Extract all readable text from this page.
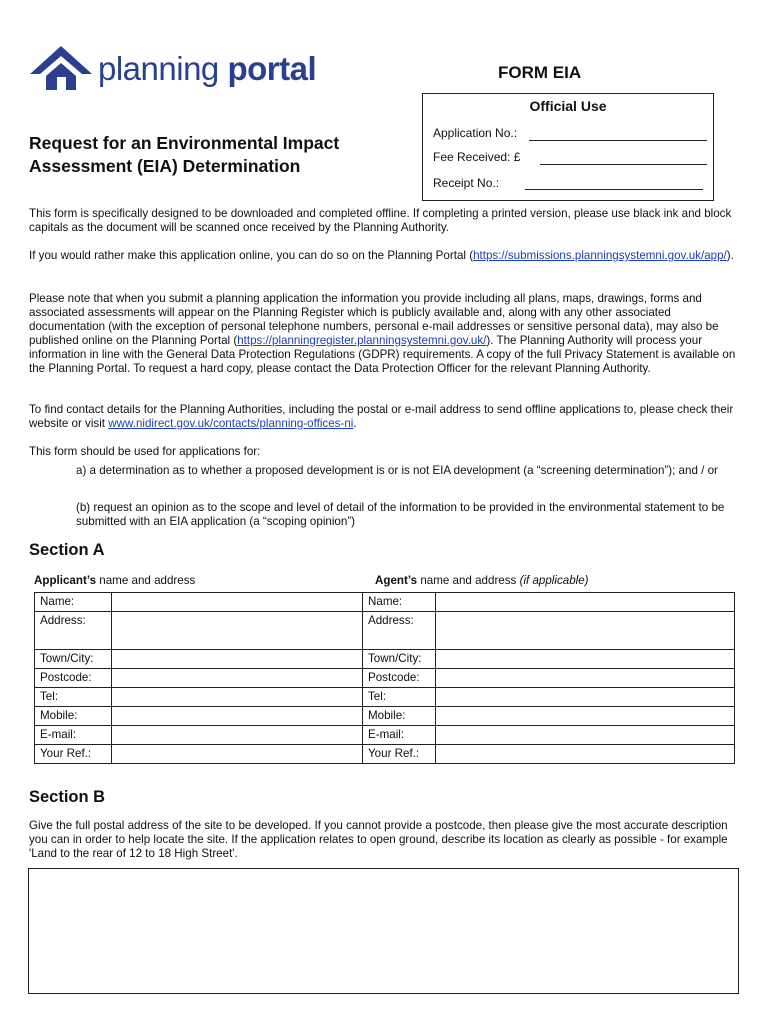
planning portal	FORM EIA
Official Use
Application No.:
Fee Received: £
Receipt No.:
Request for an Environmental Impact Assessment (EIA) Determination
This form is specifically designed to be downloaded and completed offline. If completing a printed version, please use black ink and block capitals as the document will be scanned once received by the Planning Authority.
If you would rather make this application online, you can do so on the Planning Portal (https://submissions.planningsystemni.gov.uk/app/).
Please note that when you submit a planning application the information you provide including all plans, maps, drawings, forms and associated assessments will appear on the Planning Register which is publicly available and, along with any other associated documentation (with the exception of personal telephone numbers, personal e-mail addresses or sensitive personal data), may also be published online on the Planning Portal (https://planningregister.planningsystemni.gov.uk/). The Planning Authority will process your information in line with the General Data Protection Regulations (GDPR) requirements. A copy of the full Privacy Statement is available on the Planning Portal. To request a hard copy, please contact the Data Protection Officer for the relevant Planning Authority.
To find contact details for the Planning Authorities, including the postal or e-mail address to send offline applications to, please check their website or visit www.nidirect.gov.uk/contacts/planning-offices-ni.
This form should be used for applications for:
a) a determination as to whether a proposed development is or is not EIA development (a “screening determination”); and / or
(b) request an opinion as to the scope and level of detail of the information to be provided in the environmental statement to be submitted with an EIA application (a “scoping opinion”)
Section A
Applicant’s name and address	Agent’s name and address (if applicable)
Name:		Name:	
Address:		Address:	
Town/City:		Town/City:	
Postcode:		Postcode:	
Tel:		Tel:	
Mobile:		Mobile:	
E-mail:		E-mail:	
Your Ref.:		Your Ref.:	
Section B
Give the full postal address of the site to be developed. If you cannot provide a postcode, then please give the most accurate description you can in order to help locate the site. If the application relates to open ground, describe its location as clearly as possible - for example 'Land to the rear of 12 to 18 High Street'.
